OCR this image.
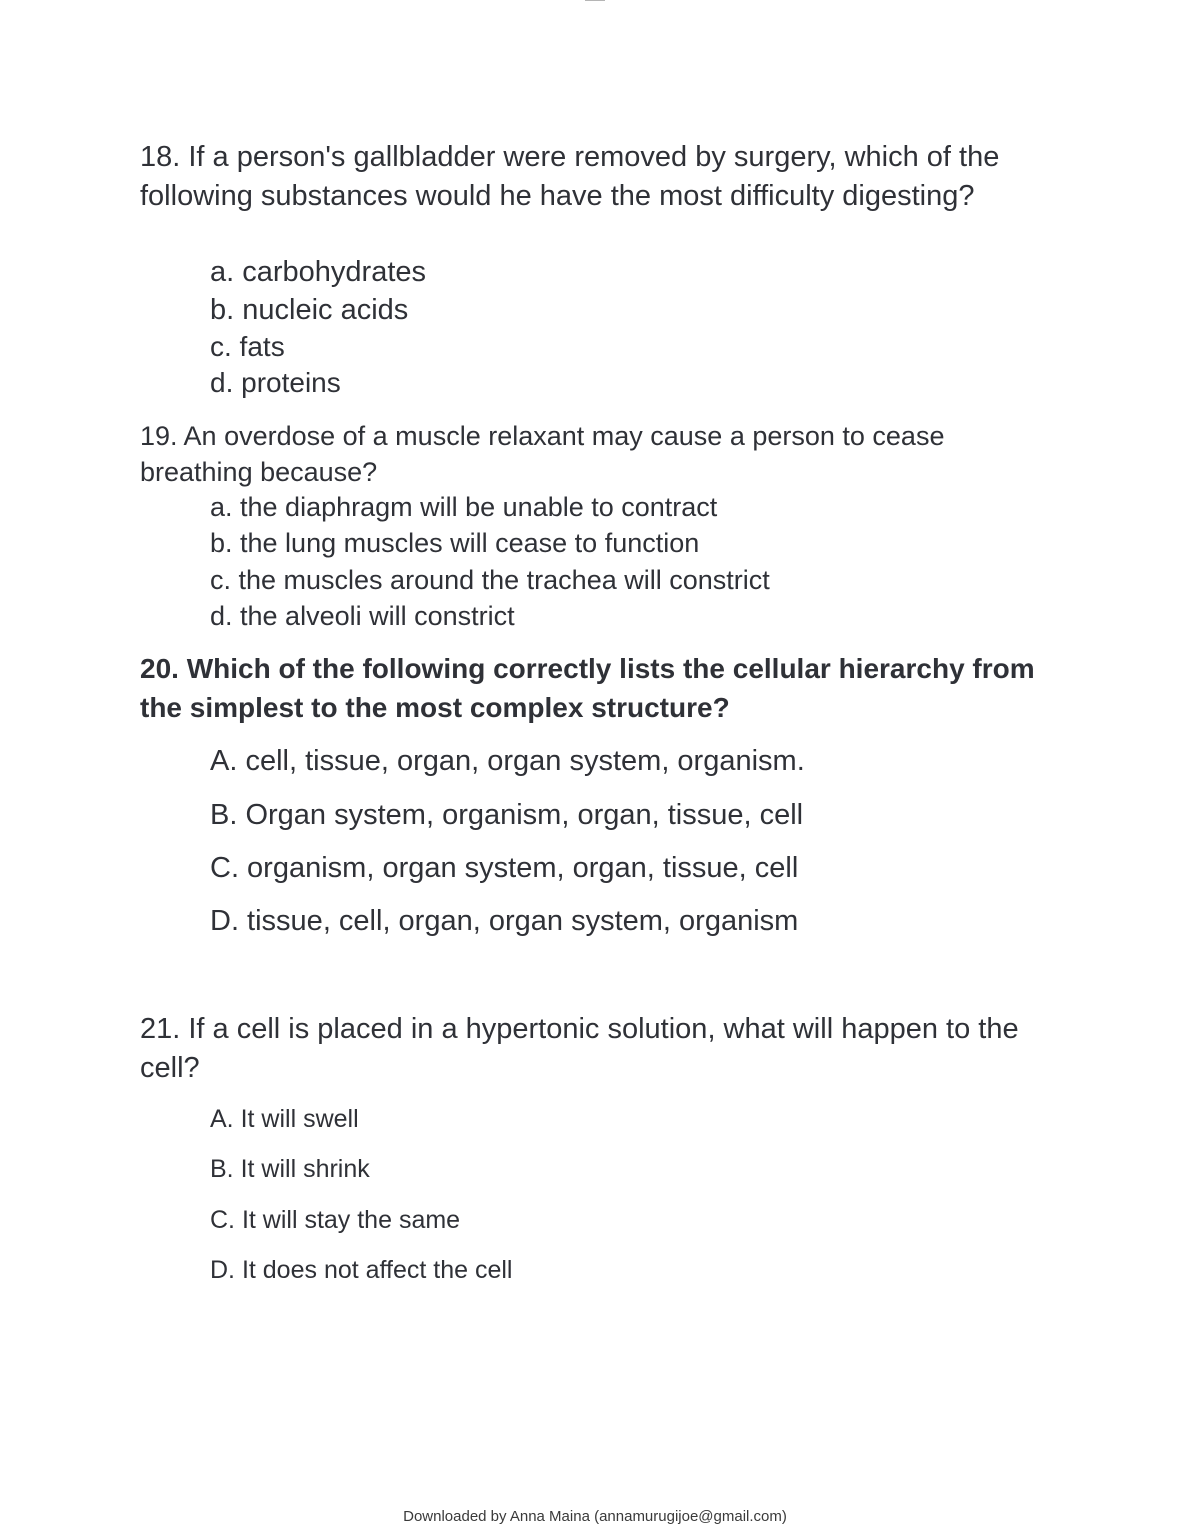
18. If a person's gallbladder were removed by surgery, which of the following substances would he have the most difficulty digesting?

a. carbohydrates

b. nucleic acids

c. fats

d. proteins

19. An overdose of a muscle relaxant may cause a person to cease breathing because?

a. the diaphragm will be unable to contract

b. the lung muscles will cease to function

c. the muscles around the trachea will constrict

d. the alveoli will constrict

20. Which of the following correctly lists the cellular hierarchy from the simplest to the most complex structure?

A. cell, tissue, organ, organ system, organism.

B. Organ system, organism, organ, tissue, cell

C. organism, organ system, organ, tissue, cell

D. tissue, cell, organ, organ system, organism

21. If a cell is placed in a hypertonic solution, what will happen to the cell?

A. It will swell

B. It will shrink

C. It will stay the same

D. It does not affect the cell

Downloaded by Anna Maina (annamurugijoe@gmail.com)
